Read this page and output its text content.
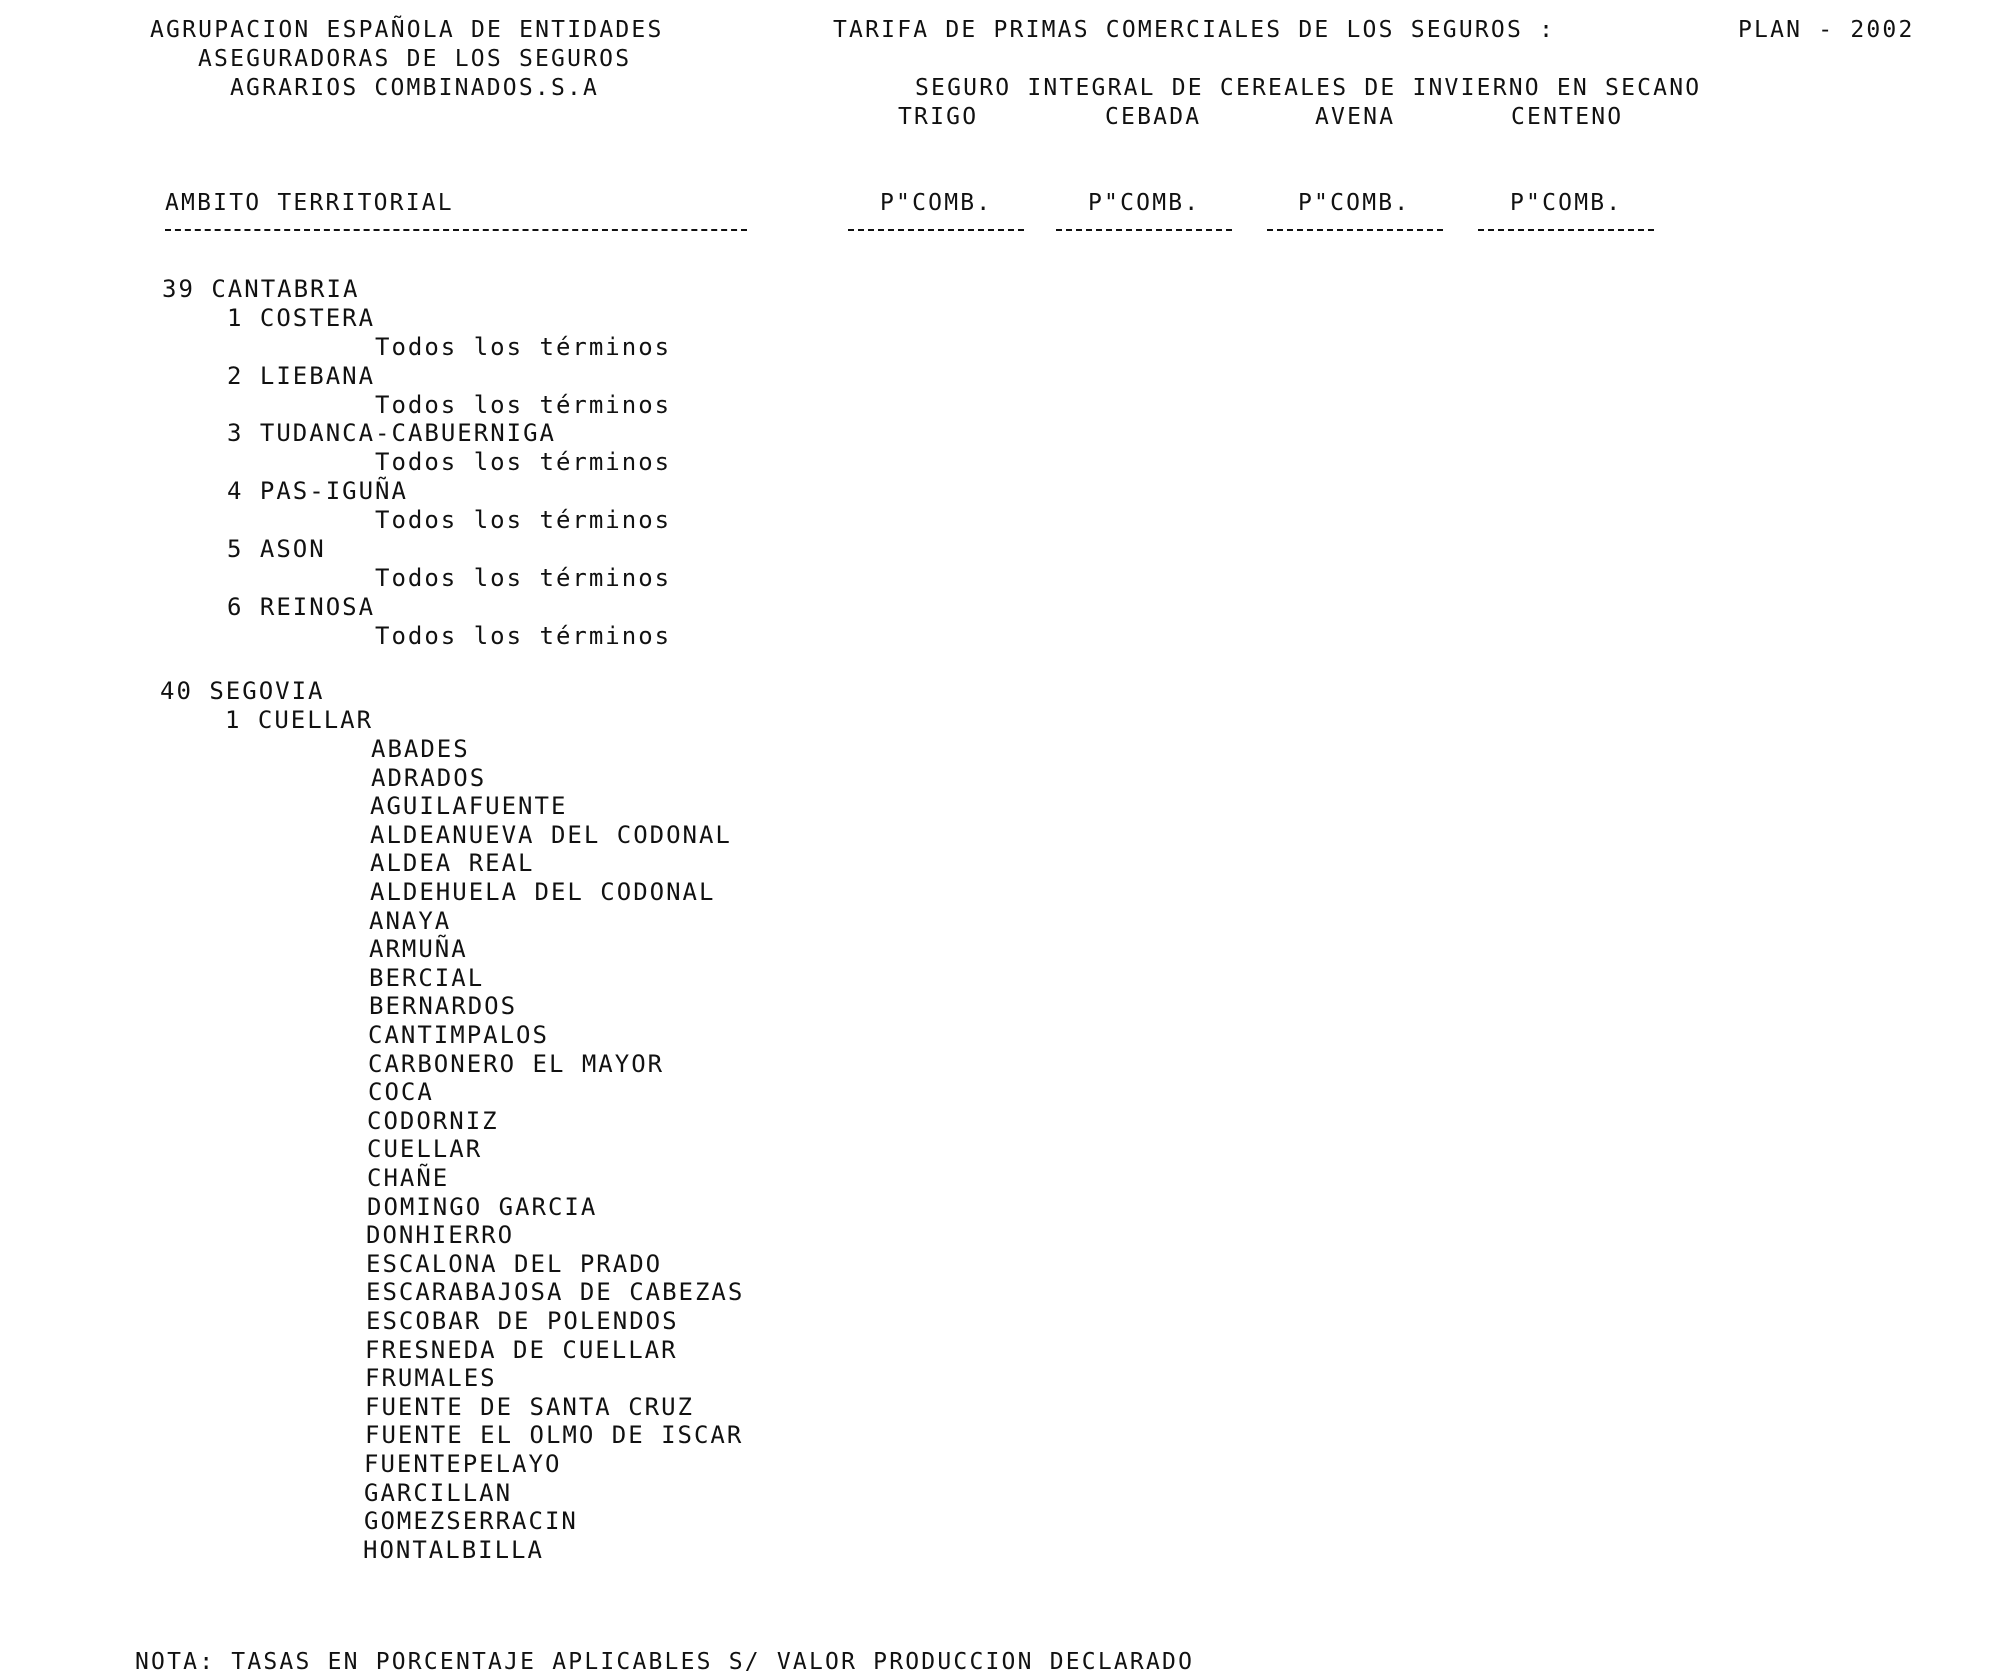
AGRUPACION ESPAÑOLA DE ENTIDADES
ASEGURADORAS DE LOS SEGUROS
AGRARIOS COMBINADOS.S.A
TARIFA DE PRIMAS COMERCIALES DE LOS SEGUROS :	PLAN - 2002
SEGURO INTEGRAL DE CEREALES DE INVIERNO EN SECANO
TRIGO	CEBADA	AVENA	CENTENO
AMBITO TERRITORIAL	P"COMB.	P"COMB.	P"COMB.	P"COMB.
39 CANTABRIA
1 COSTERA
Todos los términos
2 LIEBANA
Todos los términos
3 TUDANCA-CABUERNIGA
Todos los términos
4 PAS-IGUÑA
Todos los términos
5 ASON
Todos los términos
6 REINOSA
Todos los términos
40 SEGOVIA
1 CUELLAR
ABADES
ADRADOS
AGUILAFUENTE
ALDEANUEVA DEL CODONAL
ALDEA REAL
ALDEHUELA DEL CODONAL
ANAYA
ARMUÑA
BERCIAL
BERNARDOS
CANTIMPALOS
CARBONERO EL MAYOR
COCA
CODORNIZ
CUELLAR
CHAÑE
DOMINGO GARCIA
DONHIERRO
ESCALONA DEL PRADO
ESCARABAJOSA DE CABEZAS
ESCOBAR DE POLENDOS
FRESNEDA DE CUELLAR
FRUMALES
FUENTE DE SANTA CRUZ
FUENTE EL OLMO DE ISCAR
FUENTEPELAYO
GARCILLAN
GOMEZSERRACIN
HONTALBILLA
NOTA: TASAS EN PORCENTAJE APLICABLES S/ VALOR PRODUCCION DECLARADO
